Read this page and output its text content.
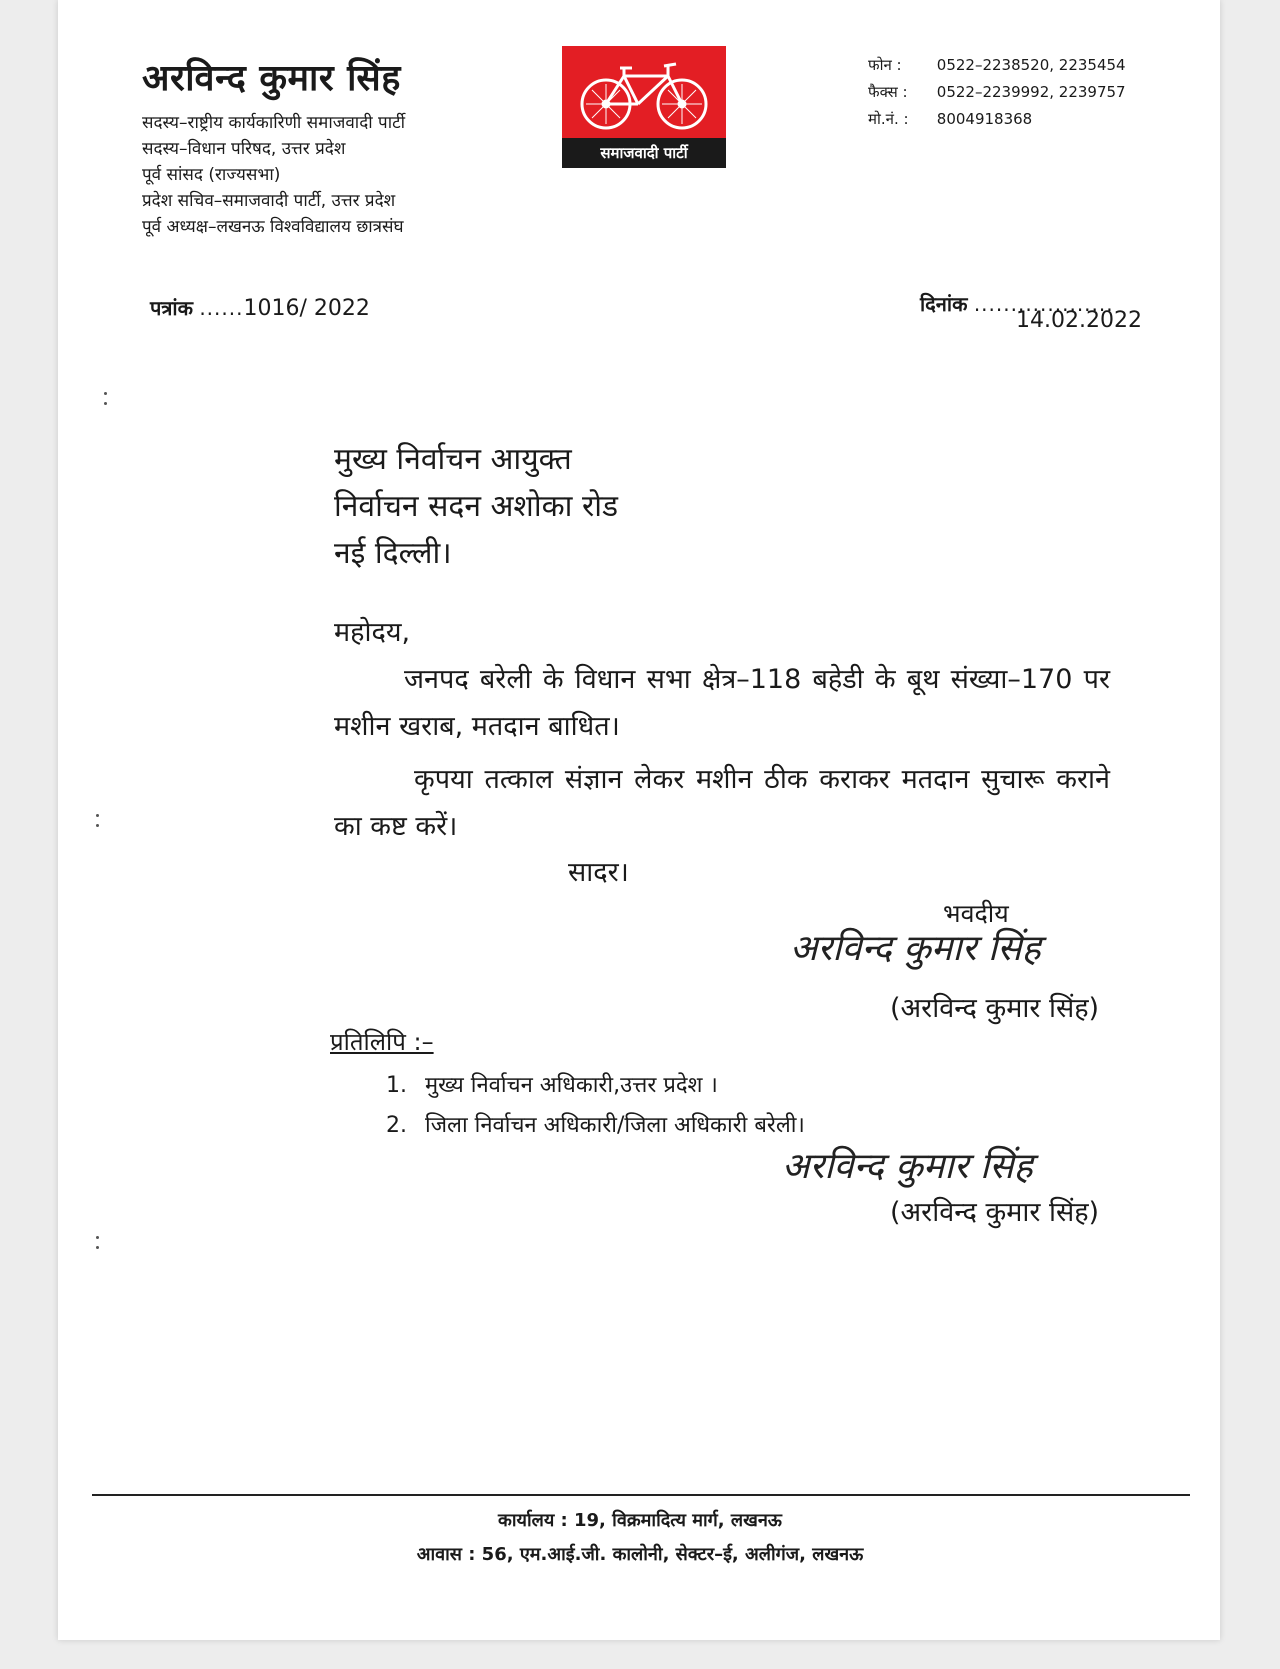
अरविन्द कुमार सिंह
सदस्य–राष्ट्रीय कार्यकारिणी समाजवादी पार्टी
सदस्य–विधान परिषद, उत्तर प्रदेश
पूर्व सांसद (राज्यसभा)
प्रदेश सचिव–समाजवादी पार्टी, उत्तर प्रदेश
पूर्व अध्यक्ष–लखनऊ विश्वविद्यालय छात्रसंघ
समाजवादी पार्टी
फोन : 0522–2238520, 2235454
फैक्स : 0522–2239992, 2239757
मो.नं. : 8004918368
पत्रांक ......1016/ 2022	दिनांक ...................
14.02.2022
मुख्य निर्वाचन आयुक्त
निर्वाचन सदन अशोका रोड
नई दिल्ली।
महोदय,
जनपद बरेली के विधान सभा क्षेत्र–118 बहेडी के बूथ संख्या–170 पर मशीन खराब, मतदान बाधित।
कृपया तत्काल संज्ञान लेकर मशीन ठीक कराकर मतदान सुचारू कराने का कष्ट करें।
सादर।
भवदीय
अरविन्द कुमार सिंह
(अरविन्द कुमार सिंह)
प्रतिलिपि :–
1. मुख्य निर्वाचन अधिकारी,उत्तर प्रदेश ।
2. जिला निर्वाचन अधिकारी/जिला अधिकारी बरेली।
अरविन्द कुमार सिंह
(अरविन्द कुमार सिंह)
कार्यालय : 19, विक्रमादित्य मार्ग, लखनऊ
आवास : 56, एम.आई.जी. कालोनी, सेक्टर–ई, अलीगंज, लखनऊ
